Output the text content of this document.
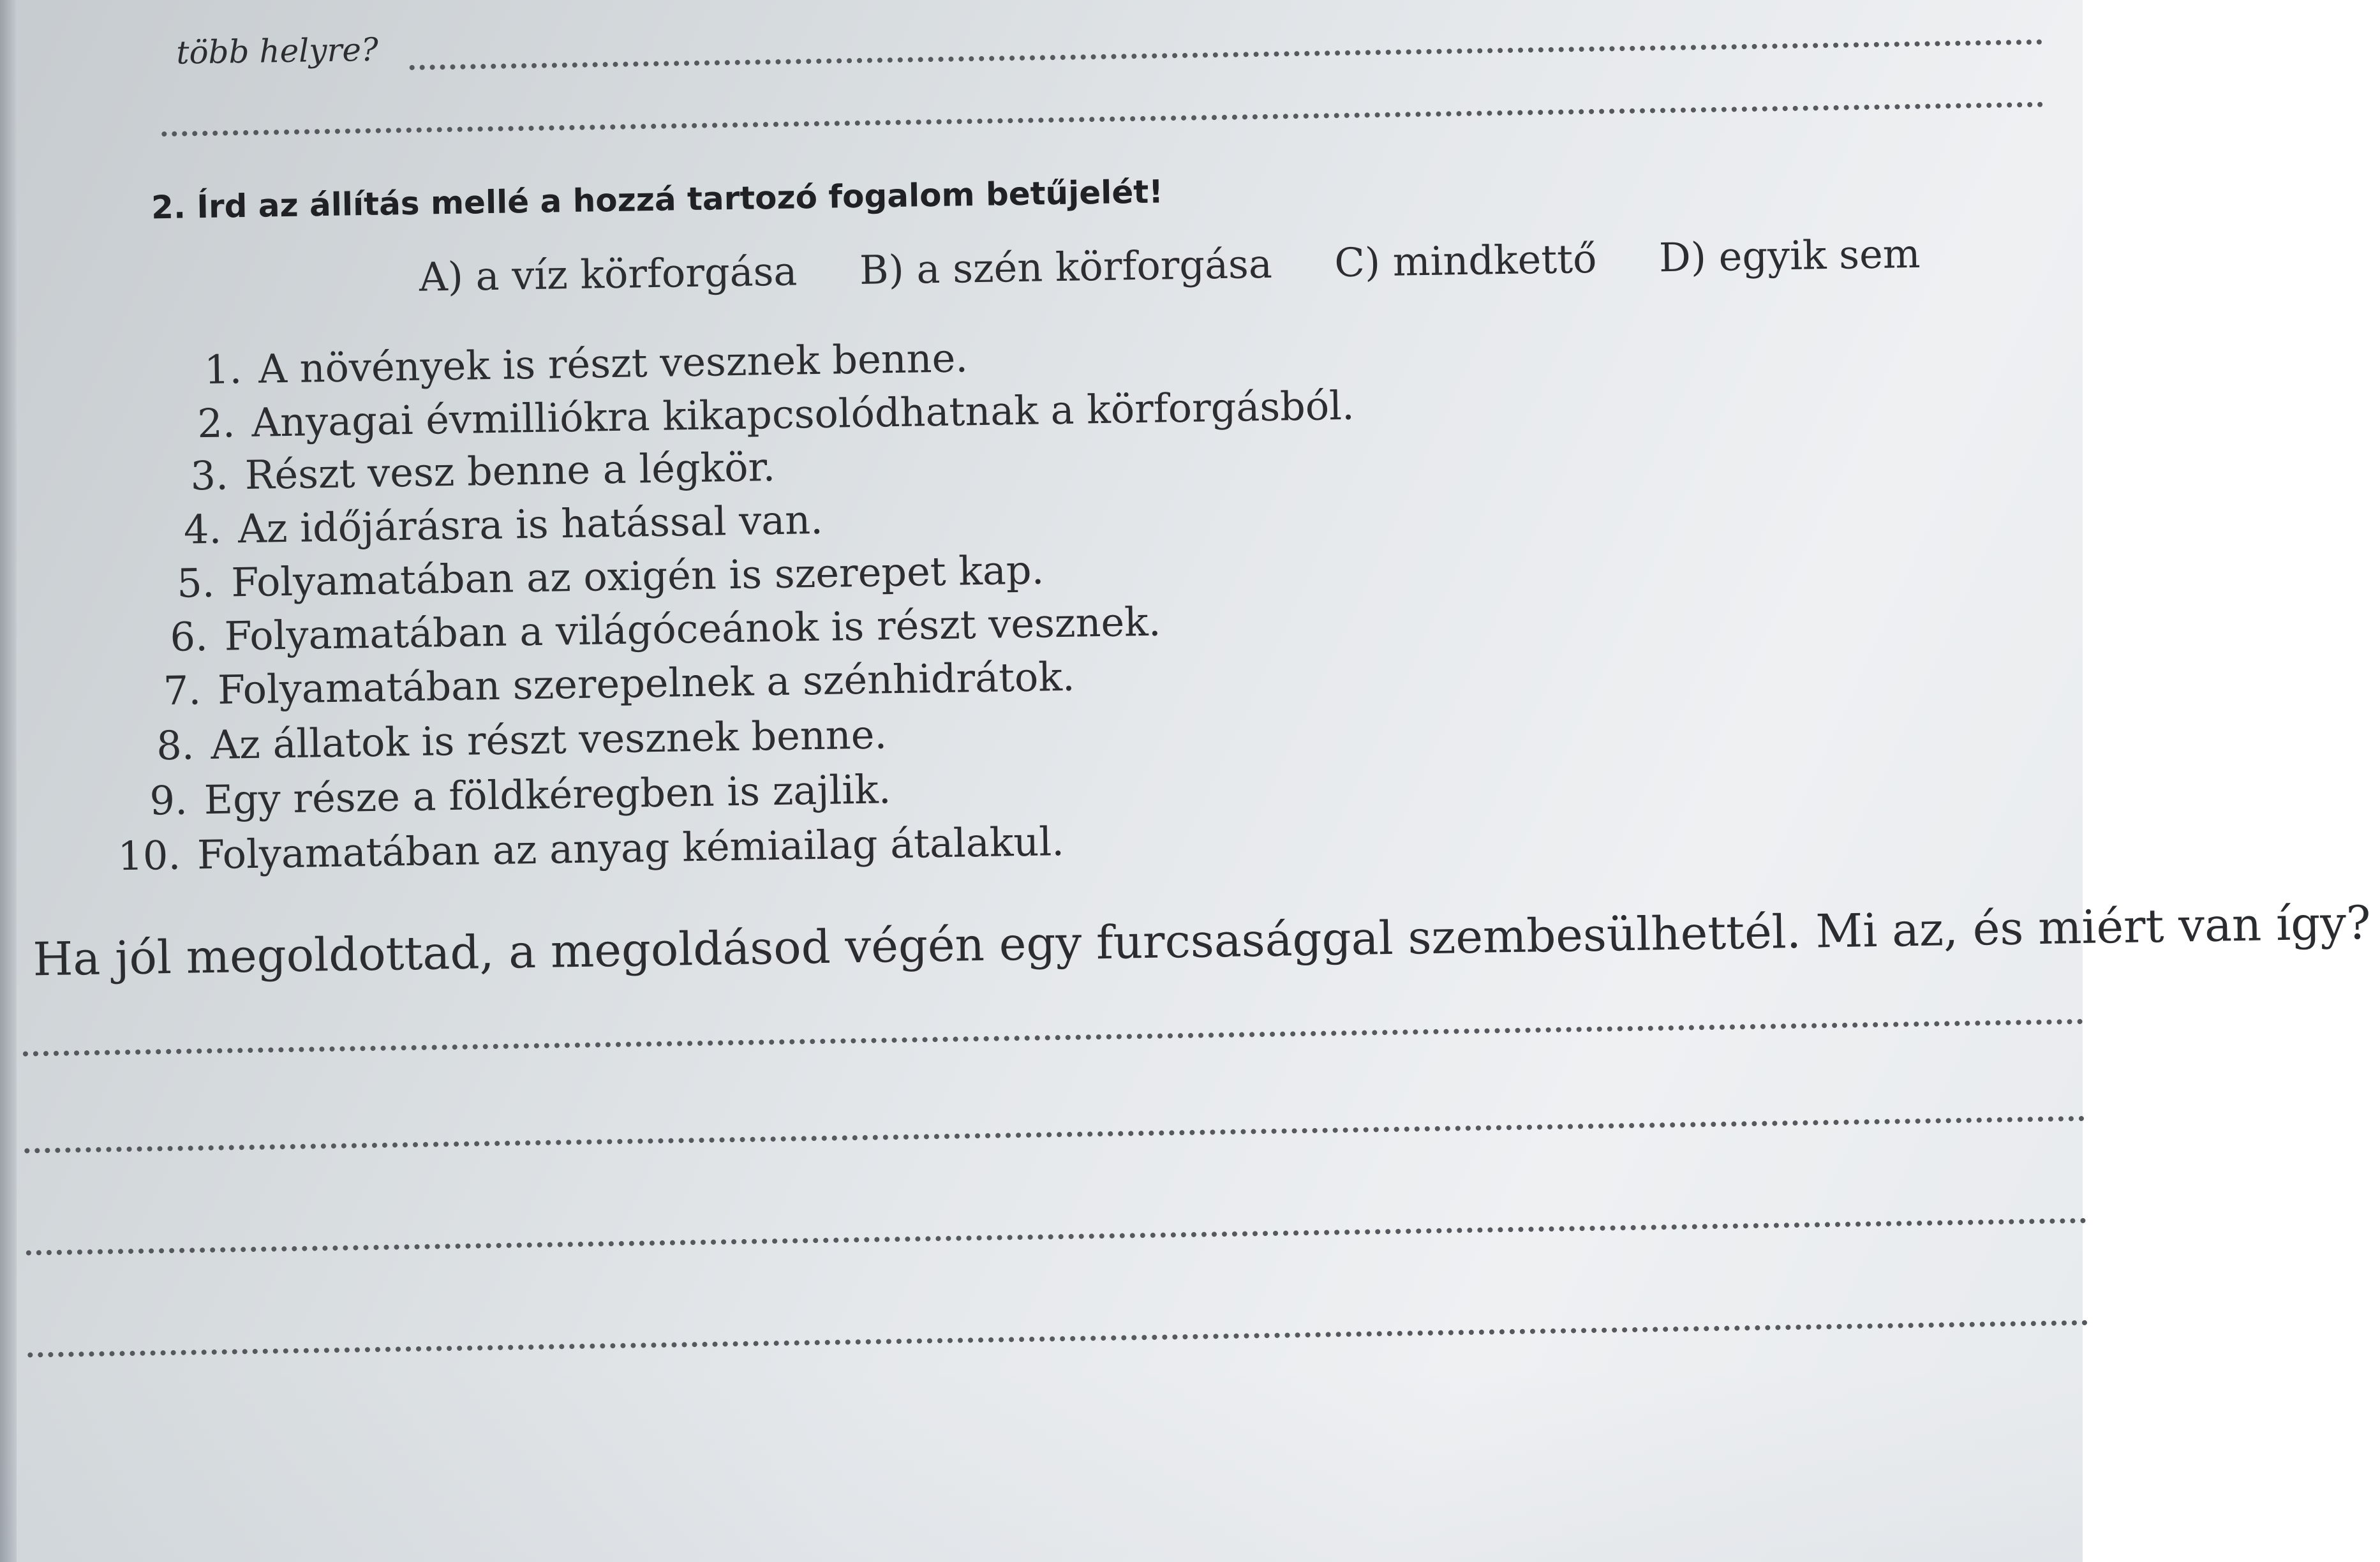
több helyre?
2. Írd az állítás mellé a hozzá tartozó fogalom betűjelét!
A) a víz körforgása B) a szén körforgása C) mindkettő D) egyik sem
1. A növények is részt vesznek benne.
2. Anyagai évmilliókra kikapcsolódhatnak a körforgásból.
3. Részt vesz benne a légkör.
4. Az időjárásra is hatással van.
5. Folyamatában az oxigén is szerepet kap.
6. Folyamatában a világóceánok is részt vesznek.
7. Folyamatában szerepelnek a szénhidrátok.
8. Az állatok is részt vesznek benne.
9. Egy része a földkéregben is zajlik.
10. Folyamatában az anyag kémiailag átalakul.
Ha jól megoldottad, a megoldásod végén egy furcsasággal szembesülhettél. Mi az, és miért van így?
